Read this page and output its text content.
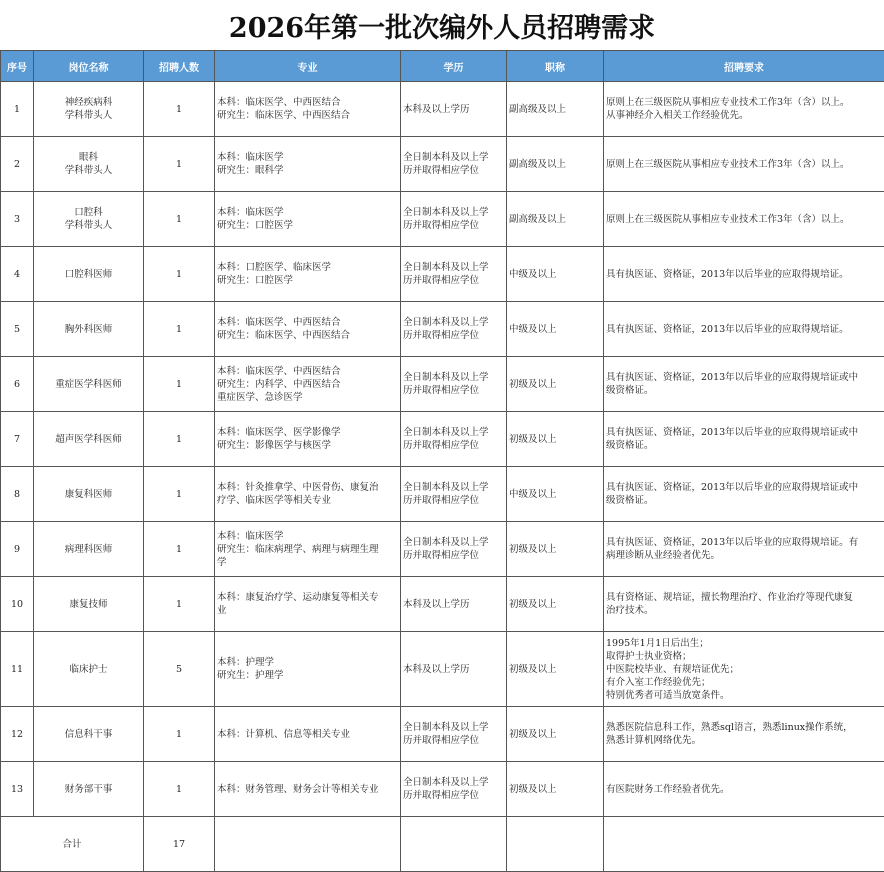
2026年第一批次编外人员招聘需求
序号	岗位名称	招聘人数	专业	学历	职称	招聘要求
1	神经疾病科
学科带头人	1	本科：临床医学、中西医结合
研究生：临床医学、中西医结合	本科及以上学历	副高级及以上	原则上在三级医院从事相应专业技术工作3年（含）以上。
从事神经介入相关工作经验优先。

2	眼科
学科带头人	1	本科：临床医学
研究生：眼科学	全日制本科及以上学
历并取得相应学位	副高级及以上	原则上在三级医院从事相应专业技术工作3年（含）以上。

3	口腔科
学科带头人	1	本科：临床医学
研究生：口腔医学	全日制本科及以上学
历并取得相应学位	副高级及以上	原则上在三级医院从事相应专业技术工作3年（含）以上。

4	口腔科医师	1	本科：口腔医学、临床医学
研究生：口腔医学	全日制本科及以上学
历并取得相应学位	中级及以上	具有执医证、资格证，2013年以后毕业的应取得规培证。

5	胸外科医师	1	本科：临床医学、中西医结合
研究生：临床医学、中西医结合	全日制本科及以上学
历并取得相应学位	中级及以上	具有执医证、资格证，2013年以后毕业的应取得规培证。

6	重症医学科医师	1	本科：临床医学、中西医结合
研究生：内科学、中西医结合
重症医学、急诊医学	全日制本科及以上学
历并取得相应学位	初级及以上	具有执医证、资格证，2013年以后毕业的应取得规培证或中
级资格证。

7	超声医学科医师	1	本科：临床医学、医学影像学
研究生：影像医学与核医学	全日制本科及以上学
历并取得相应学位	初级及以上	具有执医证、资格证，2013年以后毕业的应取得规培证或中
级资格证。

8	康复科医师	1	本科：针灸推拿学、中医骨伤、康复治
疗学、临床医学等相关专业	全日制本科及以上学
历并取得相应学位	中级及以上	具有执医证、资格证，2013年以后毕业的应取得规培证或中
级资格证。

9	病理科医师	1	本科：临床医学
研究生：临床病理学、病理与病理生理
学	全日制本科及以上学
历并取得相应学位	初级及以上	具有执医证、资格证，2013年以后毕业的应取得规培证。有
病理诊断从业经验者优先。

10	康复技师	1	本科：康复治疗学、运动康复等相关专
业	本科及以上学历	初级及以上	具有资格证、规培证，擅长物理治疗、作业治疗等现代康复
治疗技术。

11	临床护士	5	本科：护理学
研究生：护理学	本科及以上学历	初级及以上	1995年1月1日后出生；
取得护士执业资格；
中医院校毕业、有规培证优先；
有介入室工作经验优先；
特别优秀者可适当放宽条件。

12	信息科干事	1	本科：计算机、信息等相关专业	全日制本科及以上学
历并取得相应学位	初级及以上	熟悉医院信息科工作，熟悉sql语言，熟悉linux操作系统，
熟悉计算机网络优先。

13	财务部干事	1	本科：财务管理、财务会计等相关专业	全日制本科及以上学
历并取得相应学位	初级及以上	有医院财务工作经验者优先。

合计		17				
